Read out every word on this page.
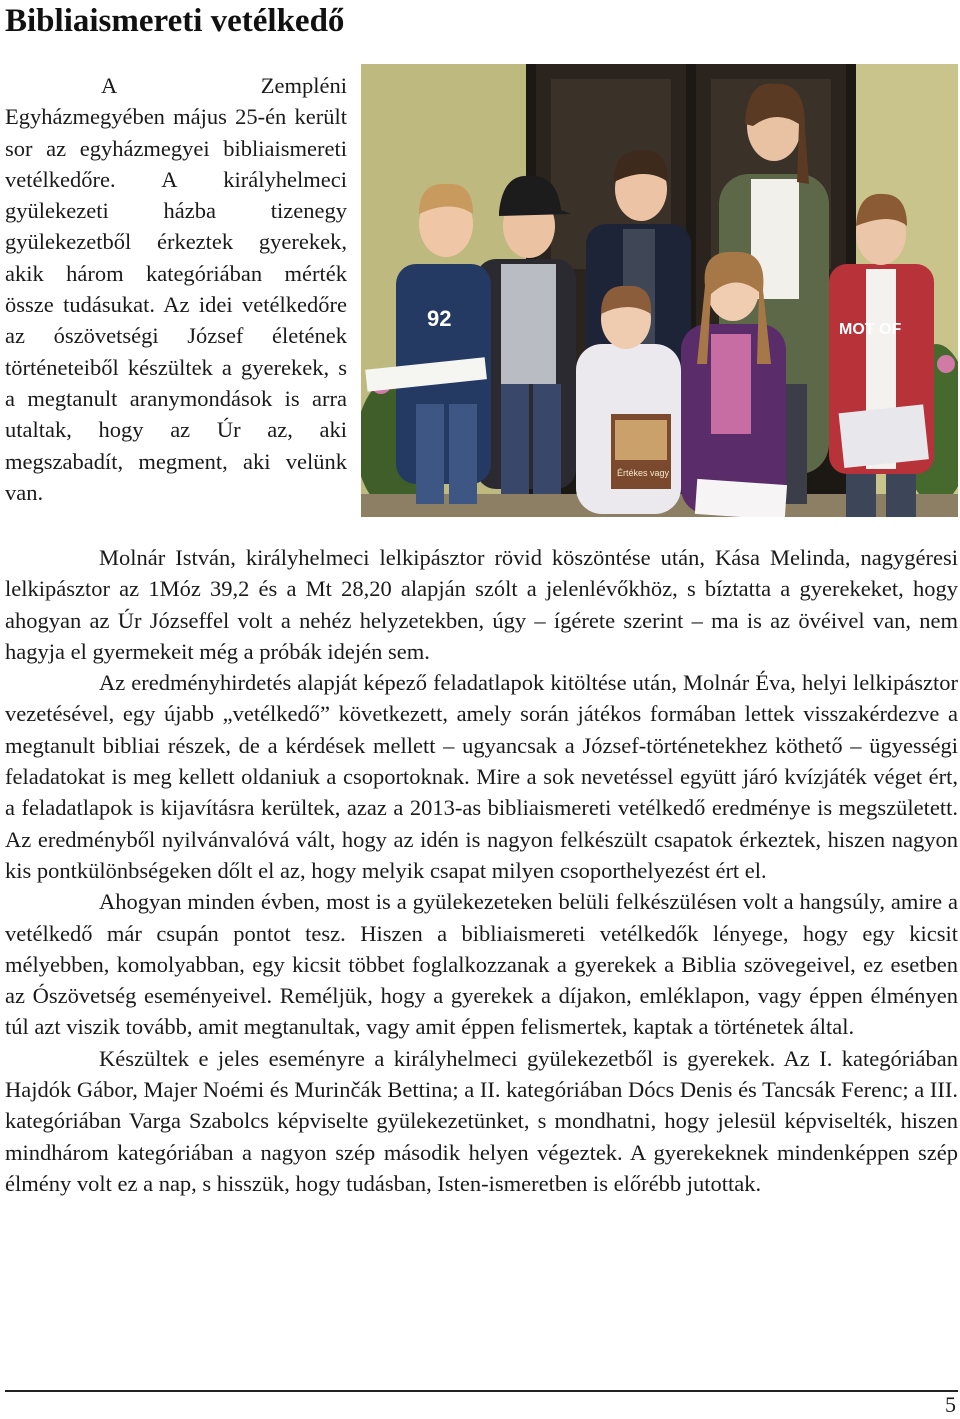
Bibliaismereti vetélkedő

A Zempléni Egyházmegyében május 25-én került sor az egyházmegyei bibliaismereti vetélkedőre. A királyhelmeci gyülekezeti házba tizenegy gyülekezetből érkeztek gyerekek, akik három kategóriában mérték össze tudásukat. Az idei vetélkedőre az ószövetségi József életének történeteiből készültek a gyerekek, s a megtanult aranymondások is arra utaltak, hogy az Úr az, aki megszabadít, megment, aki velünk van.

MOT OF
92
Értékes vagy

Molnár István, királyhelmeci lelkipásztor rövid köszöntése után, Kása Melinda, nagygéresi lelkipásztor az 1Móz 39,2 és a Mt 28,20 alapján szólt a jelenlévőkhöz, s bíztatta a gyerekeket, hogy ahogyan az Úr Józseffel volt a nehéz helyzetekben, úgy – ígérete szerint – ma is az övéivel van, nem hagyja el gyermekeit még a próbák idején sem.

Az eredményhirdetés alapját képező feladatlapok kitöltése után, Molnár Éva, helyi lelkipásztor vezetésével, egy újabb „vetélkedő” következett, amely során játékos formában lettek visszakérdezve a megtanult bibliai részek, de a kérdések mellett – ugyancsak a József-történetekhez köthető – ügyességi feladatokat is meg kellett oldaniuk a csoportoknak. Mire a sok nevetéssel együtt járó kvízjáték véget ért, a feladatlapok is kijavításra kerültek, azaz a 2013-as bibliaismereti vetélkedő eredménye is megszületett. Az eredményből nyilvánvalóvá vált, hogy az idén is nagyon felkészült csapatok érkeztek, hiszen nagyon kis pontkülönbségeken dőlt el az, hogy melyik csapat milyen csoporthelyezést ért el.

Ahogyan minden évben, most is a gyülekezeteken belüli felkészülésen volt a hangsúly, amire a vetélkedő már csupán pontot tesz. Hiszen a bibliaismereti vetélkedők lényege, hogy egy kicsit mélyebben, komolyabban, egy kicsit többet foglalkozzanak a gyerekek a Biblia szövegeivel, ez esetben az Ószövetség eseményeivel. Reméljük, hogy a gyerekek a díjakon, emléklapon, vagy éppen élményen túl azt viszik tovább, amit megtanultak, vagy amit éppen felismertek, kaptak a történetek által.

Készültek e jeles eseményre a királyhelmeci gyülekezetből is gyerekek. Az I. kategóriában Hajdók Gábor, Majer Noémi és Murinčák Bettina; a II. kategóriában Dócs Denis és Tancsák Ferenc; a III. kategóriában Varga Szabolcs képviselte gyülekezetünket, s mondhatni, hogy jelesül képviselték, hiszen mindhárom kategóriában a nagyon szép második helyen végeztek. A gyerekeknek mindenképpen szép élmény volt ez a nap, s hisszük, hogy tudásban, Isten-ismeretben is előrébb jutottak.

5
